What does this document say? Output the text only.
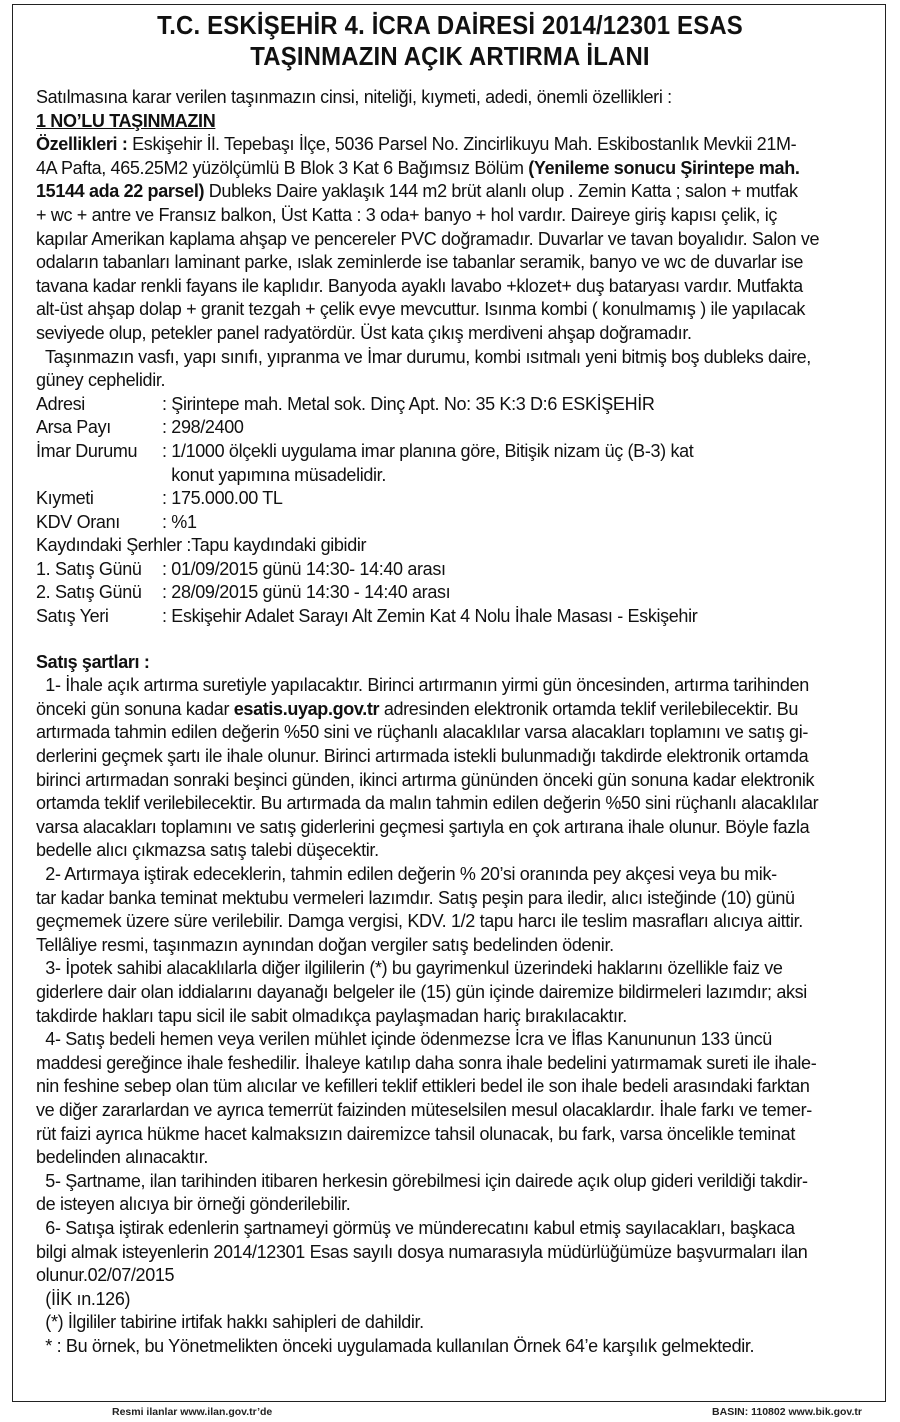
T.C. ESKİŞEHİR 4. İCRA DAİRESİ 2014/12301 ESAS
TAŞINMAZIN AÇIK ARTIRMA İLANI
Satılmasına karar verilen taşınmazın cinsi, niteliği, kıymeti, adedi, önemli özellikleri :
1 NO’LU TAŞINMAZIN
Özellikleri : Eskişehir İl. Tepebaşı İlçe, 5036 Parsel No. Zincirlikuyu Mah. Eskibostanlık Mevkii 21M-
4A Pafta, 465.25M2 yüzölçümlü B Blok 3 Kat 6 Bağımsız Bölüm (Yenileme sonucu Şirintepe mah.
15144 ada 22 parsel) Dubleks Daire yaklaşık 144 m2 brüt alanlı olup . Zemin Katta ; salon + mutfak
+ wc + antre ve Fransız balkon, Üst Katta : 3 oda+ banyo + hol vardır. Daireye giriş kapısı çelik, iç
kapılar Amerikan kaplama ahşap ve pencereler PVC doğramadır. Duvarlar ve tavan boyalıdır. Salon ve
odaların tabanları laminant parke, ıslak zeminlerde ise tabanlar seramik, banyo ve wc de duvarlar ise
tavana kadar renkli fayans ile kaplıdır. Banyoda ayaklı lavabo +klozet+ duş bataryası vardır. Mutfakta
alt-üst ahşap dolap + granit tezgah + çelik evye mevcuttur. Isınma kombi ( konulmamış ) ile yapılacak
seviyede olup, petekler panel radyatördür. Üst kata çıkış merdiveni ahşap doğramadır.
Taşınmazın vasfı, yapı sınıfı, yıpranma ve İmar durumu, kombi ısıtmalı yeni bitmiş boş dubleks daire,
güney cephelidir.
Adresi	: Şirintepe mah. Metal sok. Dinç Apt. No: 35 K:3 D:6 ESKİŞEHİR
Arsa Payı	: 298/2400
İmar Durumu	: 1/1000 ölçekli uygulama imar planına göre, Bitişik nizam üç (B-3) kat
konut yapımına müsadelidir.
Kıymeti	: 175.000.00 TL
KDV Oranı	: %1
Kaydındaki Şerhler :Tapu kaydındaki gibidir
1. Satış Günü	: 01/09/2015 günü 14:30- 14:40 arası
2. Satış Günü	: 28/09/2015 günü 14:30 - 14:40 arası
Satış Yeri	: Eskişehir Adalet Sarayı Alt Zemin Kat 4 Nolu İhale Masası - Eskişehir
Satış şartları :
1- İhale açık artırma suretiyle yapılacaktır. Birinci artırmanın yirmi gün öncesinden, artırma tarihinden
önceki gün sonuna kadar esatis.uyap.gov.tr adresinden elektronik ortamda teklif verilebilecektir. Bu
artırmada tahmin edilen değerin %50 sini ve rüçhanlı alacaklılar varsa alacakları toplamını ve satış gi-
derlerini geçmek şartı ile ihale olunur. Birinci artırmada istekli bulunmadığı takdirde elektronik ortamda
birinci artırmadan sonraki beşinci günden, ikinci artırma gününden önceki gün sonuna kadar elektronik
ortamda teklif verilebilecektir. Bu artırmada da malın tahmin edilen değerin %50 sini rüçhanlı alacaklılar
varsa alacakları toplamını ve satış giderlerini geçmesi şartıyla en çok artırana ihale olunur. Böyle fazla
bedelle alıcı çıkmazsa satış talebi düşecektir.
2- Artırmaya iştirak edeceklerin, tahmin edilen değerin % 20’si oranında pey akçesi veya bu mik-
tar kadar banka teminat mektubu vermeleri lazımdır. Satış peşin para iledir, alıcı isteğinde (10) günü
geçmemek üzere süre verilebilir. Damga vergisi, KDV. 1/2 tapu harcı ile teslim masrafları alıcıya aittir.
Tellâliye resmi, taşınmazın aynından doğan vergiler satış bedelinden ödenir.
3- İpotek sahibi alacaklılarla diğer ilgililerin (*) bu gayrimenkul üzerindeki haklarını özellikle faiz ve
giderlere dair olan iddialarını dayanağı belgeler ile (15) gün içinde dairemize bildirmeleri lazımdır; aksi
takdirde hakları tapu sicil ile sabit olmadıkça paylaşmadan hariç bırakılacaktır.
4- Satış bedeli hemen veya verilen mühlet içinde ödenmezse İcra ve İflas Kanununun 133 üncü
maddesi gereğince ihale feshedilir. İhaleye katılıp daha sonra ihale bedelini yatırmamak sureti ile ihale-
nin feshine sebep olan tüm alıcılar ve kefilleri teklif ettikleri bedel ile son ihale bedeli arasındaki farktan
ve diğer zararlardan ve ayrıca temerrüt faizinden müteselsilen mesul olacaklardır. İhale farkı ve temer-
rüt faizi ayrıca hükme hacet kalmaksızın dairemizce tahsil olunacak, bu fark, varsa öncelikle teminat
bedelinden alınacaktır.
5- Şartname, ilan tarihinden itibaren herkesin görebilmesi için dairede açık olup gideri verildiği takdir-
de isteyen alıcıya bir örneği gönderilebilir.
6- Satışa iştirak edenlerin şartnameyi görmüş ve münderecatını kabul etmiş sayılacakları, başkaca
bilgi almak isteyenlerin 2014/12301 Esas sayılı dosya numarasıyla müdürlüğümüze başvurmaları ilan
olunur.02/07/2015
(İİK ın.126)
(*) İlgililer tabirine irtifak hakkı sahipleri de dahildir.
* : Bu örnek, bu Yönetmelikten önceki uygulamada kullanılan Örnek 64’e karşılık gelmektedir.
Resmi ilanlar www.ilan.gov.tr’de	BASIN: 110802 www.bik.gov.tr
